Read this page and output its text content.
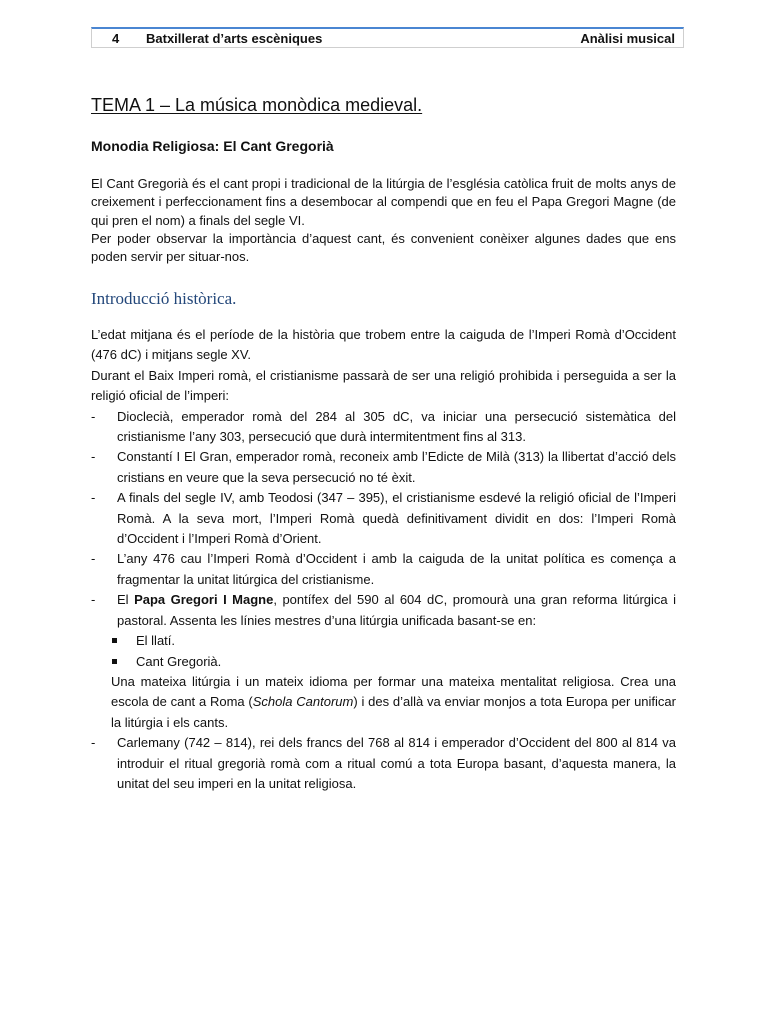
4 Batxillerat d’arts escèniques	Anàlisi musical
TEMA 1 – La música monòdica medieval.
Monodia Religiosa: El Cant Gregorià

El Cant Gregorià és el cant propi i tradicional de la litúrgia de l’església catòlica fruit de molts anys de creixement i perfeccionament fins a desembocar al compendi que en feu el Papa Gregori Magne (de qui pren el nom) a finals del segle VI.

Per poder observar la importància d’aquest cant, és convenient conèixer algunes dades que ens poden servir per situar-nos.

Introducció històrica.

L’edat mitjana és el període de la història que trobem entre la caiguda de l’Imperi Romà d’Occident (476 dC) i mitjans segle XV.

Durant el Baix Imperi romà, el cristianisme passarà de ser una religió prohibida i perseguida a ser la religió oficial de l’imperi:

- Dioclecià, emperador romà del 284 al 305 dC, va iniciar una persecució sistemàtica del cristianisme l’any 303, persecució que durà intermitentment fins al 313.

- Constantí I El Gran, emperador romà, reconeix amb l’Edicte de Milà (313) la llibertat d’acció dels cristians en veure que la seva persecució no té èxit.

- A finals del segle IV, amb Teodosi (347 – 395), el cristianisme esdevé la religió oficial de l’Imperi Romà. A la seva mort, l’Imperi Romà quedà definitivament dividit en dos: l’Imperi Romà d’Occident i l’Imperi Romà d’Orient.

- L’any 476 cau l’Imperi Romà d’Occident i amb la caiguda de la unitat política es comença a fragmentar la unitat litúrgica del cristianisme.

- El Papa Gregori I Magne, pontífex del 590 al 604 dC, promourà una gran reforma litúrgica i pastoral. Assenta les línies mestres d’una litúrgia unificada basant-se en:

El llatí.

Cant Gregorià.

Una mateixa litúrgia i un mateix idioma per formar una mateixa mentalitat religiosa. Crea una escola de cant a Roma (Schola Cantorum) i des d’allà va enviar monjos a tota Europa per unificar la litúrgia i els cants.

- Carlemany (742 – 814), rei dels francs del 768 al 814 i emperador d’Occident del 800 al 814 va introduir el ritual gregorià romà com a ritual comú a tota Europa basant, d’aquesta manera, la unitat del seu imperi en la unitat religiosa.
